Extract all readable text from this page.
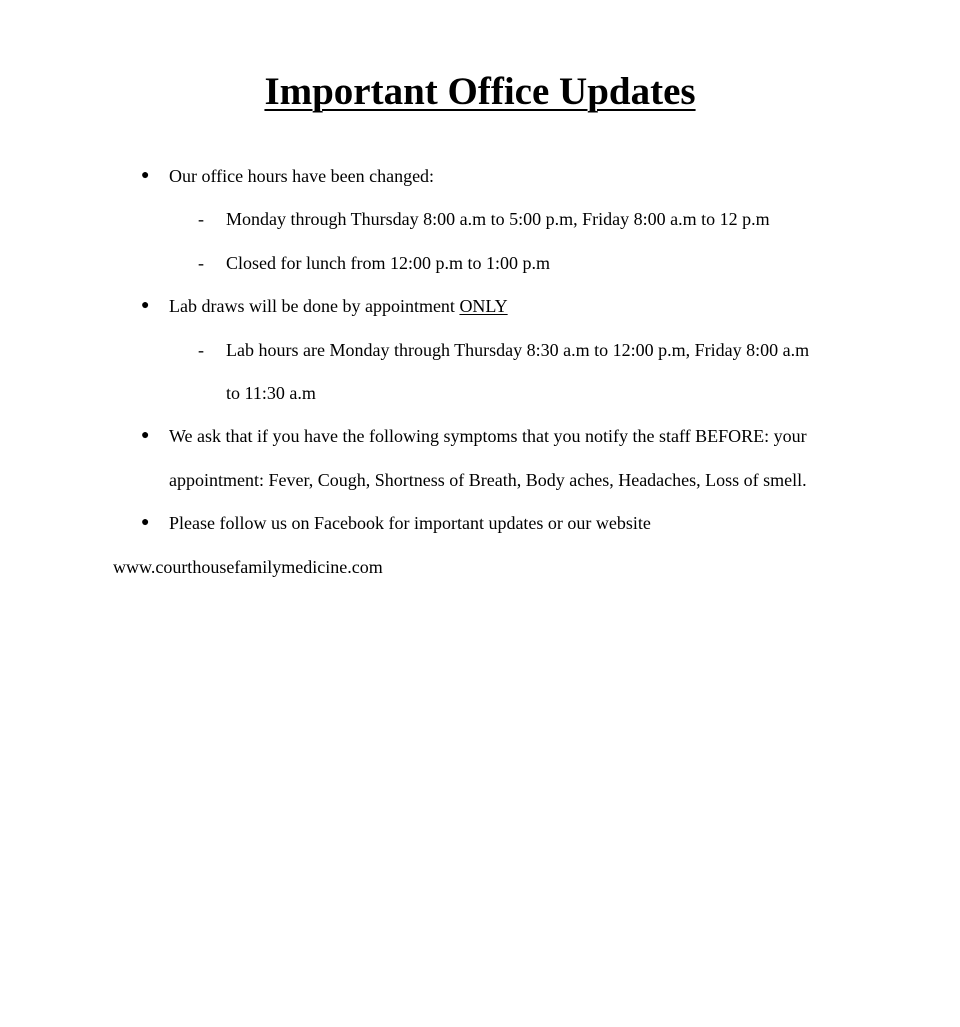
Important Office Updates
● Our office hours have been changed:
- Monday through Thursday 8:00 a.m to 5:00 p.m, Friday 8:00 a.m to 12 p.m
- Closed for lunch from 12:00 p.m to 1:00 p.m
● Lab draws will be done by appointment ONLY
- Lab hours are Monday through Thursday 8:30 a.m to 12:00 p.m, Friday 8:00 a.m
to 11:30 a.m
● We ask that if you have the following symptoms that you notify the staff BEFORE: your
appointment: Fever, Cough, Shortness of Breath, Body aches, Headaches, Loss of smell.
● Please follow us on Facebook for important updates or our website
www.courthousefamilymedicine.com
